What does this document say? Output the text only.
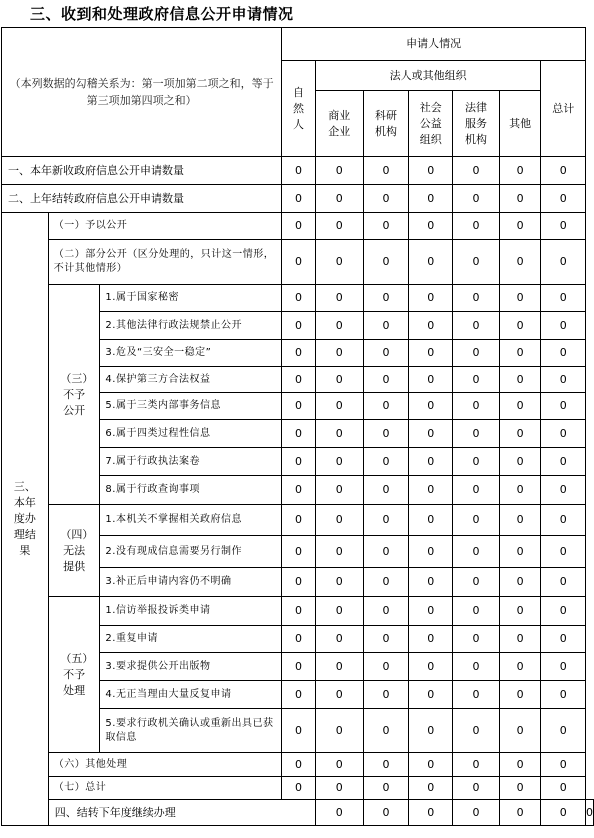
三、收到和处理政府信息公开申请情况
（本列数据的勾稽关系为：第一项加第二项之和，等于第三项加第四项之和）			申请人情况							
			自然人	法人或其他组织					总计	
				商业企业	科研机构	社会公益组织	法律服务机构	其他		
一、本年新收政府信息公开申请数量			0	0	0	0	0	0	0	
二、上年结转政府信息公开申请数量			0	0	0	0	0	0	0	
三、本年度办理结果	（一）予以公开		0	0	0	0	0	0	0	
	（二）部分公开（区分处理的，只计这一情形，不计其他情形）		0	0	0	0	0	0	0	
	（三）不予公开	1.属于国家秘密	0	0	0	0	0	0	0	
		2.其他法律行政法规禁止公开	0	0	0	0	0	0	0	
		3.危及“三安全一稳定”	0	0	0	0	0	0	0	
		4.保护第三方合法权益	0	0	0	0	0	0	0	
		5.属于三类内部事务信息	0	0	0	0	0	0	0	
		6.属于四类过程性信息	0	0	0	0	0	0	0	
		7.属于行政执法案卷	0	0	0	0	0	0	0	
		8.属于行政查询事项	0	0	0	0	0	0	0	
	（四）无法提供	1.本机关不掌握相关政府信息	0	0	0	0	0	0	0	
		2.没有现成信息需要另行制作	0	0	0	0	0	0	0	
		3.补正后申请内容仍不明确	0	0	0	0	0	0	0	
	（五）不予处理	1.信访举报投诉类申请	0	0	0	0	0	0	0	
		2.重复申请	0	0	0	0	0	0	0	
		3.要求提供公开出版物	0	0	0	0	0	0	0	
		4.无正当理由大量反复申请	0	0	0	0	0	0	0	
		5.要求行政机关确认或重新出具已获取信息	0	0	0	0	0	0	0	
	（六）其他处理		0	0	0	0	0	0	0	
	（七）总计		0	0	0	0	0	0	0	
	四、结转下年度继续办理			0	0	0	0	0	0	0
